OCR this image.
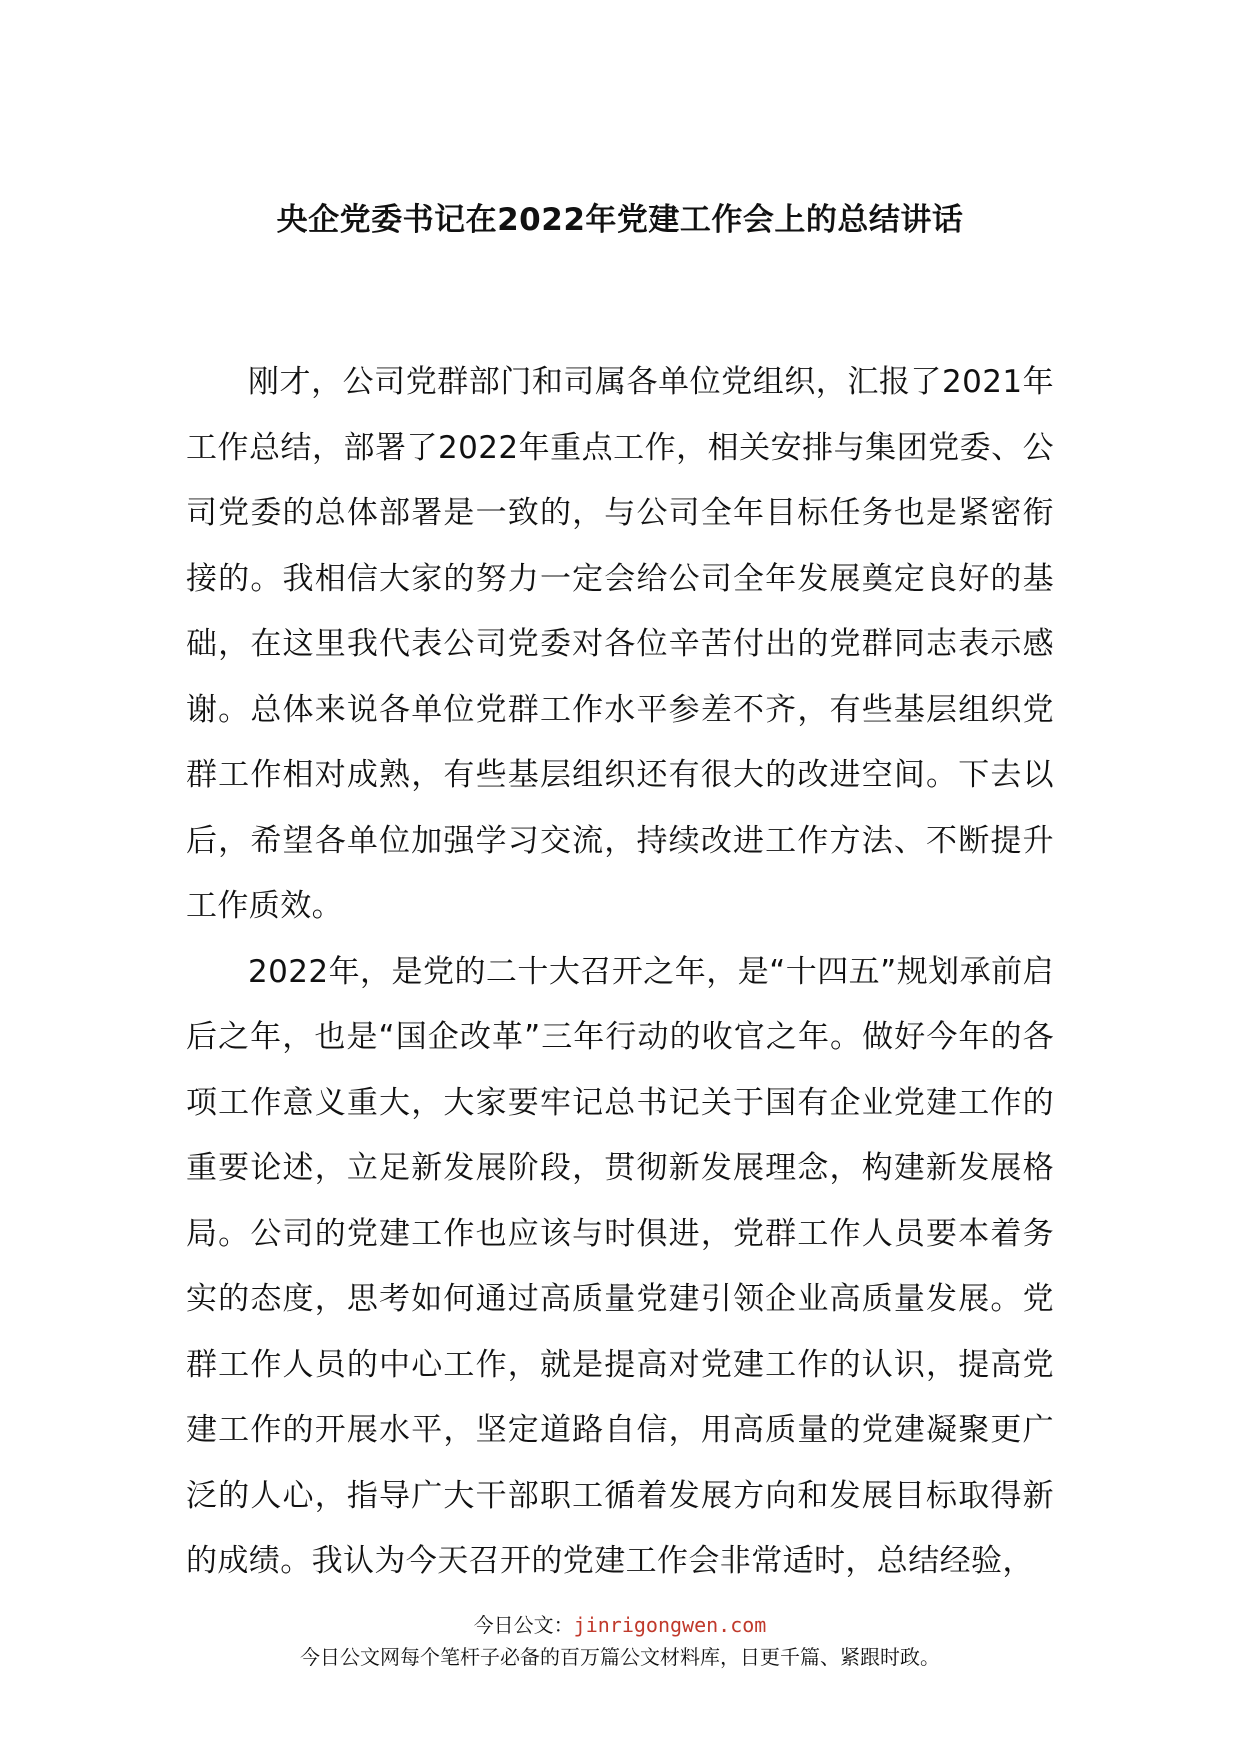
央企党委书记在2022年党建工作会上的总结讲话

刚才，公司党群部门和司属各单位党组织，汇报了2021年工作总结，部署了2022年重点工作，相关安排与集团党委、公司党委的总体部署是一致的，与公司全年目标任务也是紧密衔接的。我相信大家的努力一定会给公司全年发展奠定良好的基础，在这里我代表公司党委对各位辛苦付出的党群同志表示感谢。总体来说各单位党群工作水平参差不齐，有些基层组织党群工作相对成熟，有些基层组织还有很大的改进空间。下去以后，希望各单位加强学习交流，持续改进工作方法、不断提升工作质效。

2022年，是党的二十大召开之年，是“十四五”规划承前启后之年，也是“国企改革”三年行动的收官之年。做好今年的各项工作意义重大，大家要牢记总书记关于国有企业党建工作的重要论述，立足新发展阶段，贯彻新发展理念，构建新发展格局。公司的党建工作也应该与时俱进，党群工作人员要本着务实的态度，思考如何通过高质量党建引领企业高质量发展。党群工作人员的中心工作，就是提高对党建工作的认识，提高党建工作的开展水平，坚定道路自信，用高质量的党建凝聚更广泛的人心，指导广大干部职工循着发展方向和发展目标取得新的成绩。我认为今天召开的党建工作会非常适时，总结经验，

今日公文：jinrigongwen.com
今日公文网每个笔杆子必备的百万篇公文材料库，日更千篇、紧跟时政。
